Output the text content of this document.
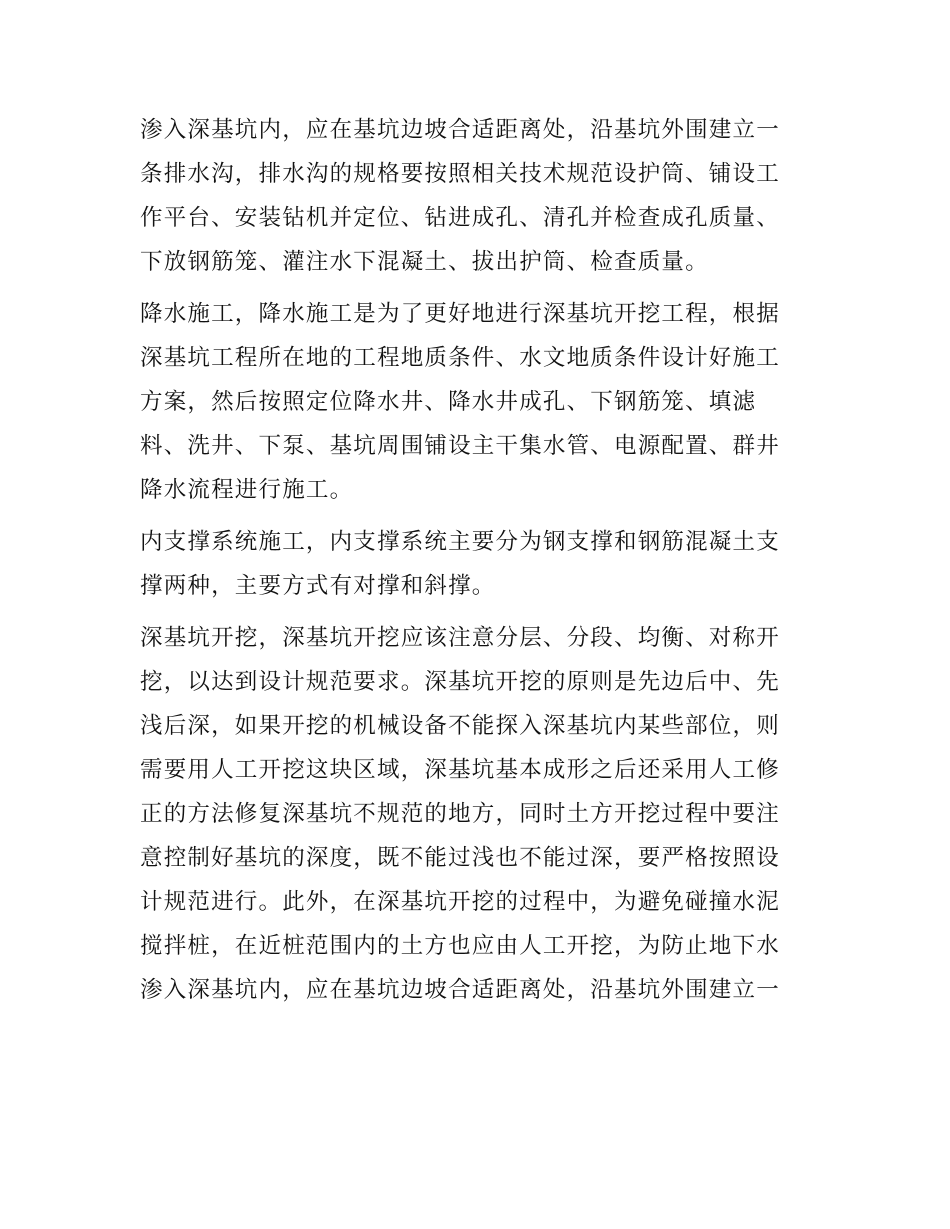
渗入深基坑内，应在基坑边坡合适距离处，沿基坑外围建立一
条排水沟，排水沟的规格要按照相关技术规范设护筒、铺设工
作平台、安装钻机并定位、钻进成孔、清孔并检查成孔质量、
下放钢筋笼、灌注水下混凝土、拔出护筒、检查质量。
降水施工，降水施工是为了更好地进行深基坑开挖工程，根据
深基坑工程所在地的工程地质条件、水文地质条件设计好施工
方案，然后按照定位降水井、降水井成孔、下钢筋笼、填滤
料、洗井、下泵、基坑周围铺设主干集水管、电源配置、群井
降水流程进行施工。
内支撑系统施工，内支撑系统主要分为钢支撑和钢筋混凝土支
撑两种，主要方式有对撑和斜撑。
深基坑开挖，深基坑开挖应该注意分层、分段、均衡、对称开
挖，以达到设计规范要求。深基坑开挖的原则是先边后中、先
浅后深，如果开挖的机械设备不能探入深基坑内某些部位，则
需要用人工开挖这块区域，深基坑基本成形之后还采用人工修
正的方法修复深基坑不规范的地方，同时土方开挖过程中要注
意控制好基坑的深度，既不能过浅也不能过深，要严格按照设
计规范进行。此外，在深基坑开挖的过程中，为避免碰撞水泥
搅拌桩，在近桩范围内的土方也应由人工开挖，为防止地下水
渗入深基坑内，应在基坑边坡合适距离处，沿基坑外围建立一
